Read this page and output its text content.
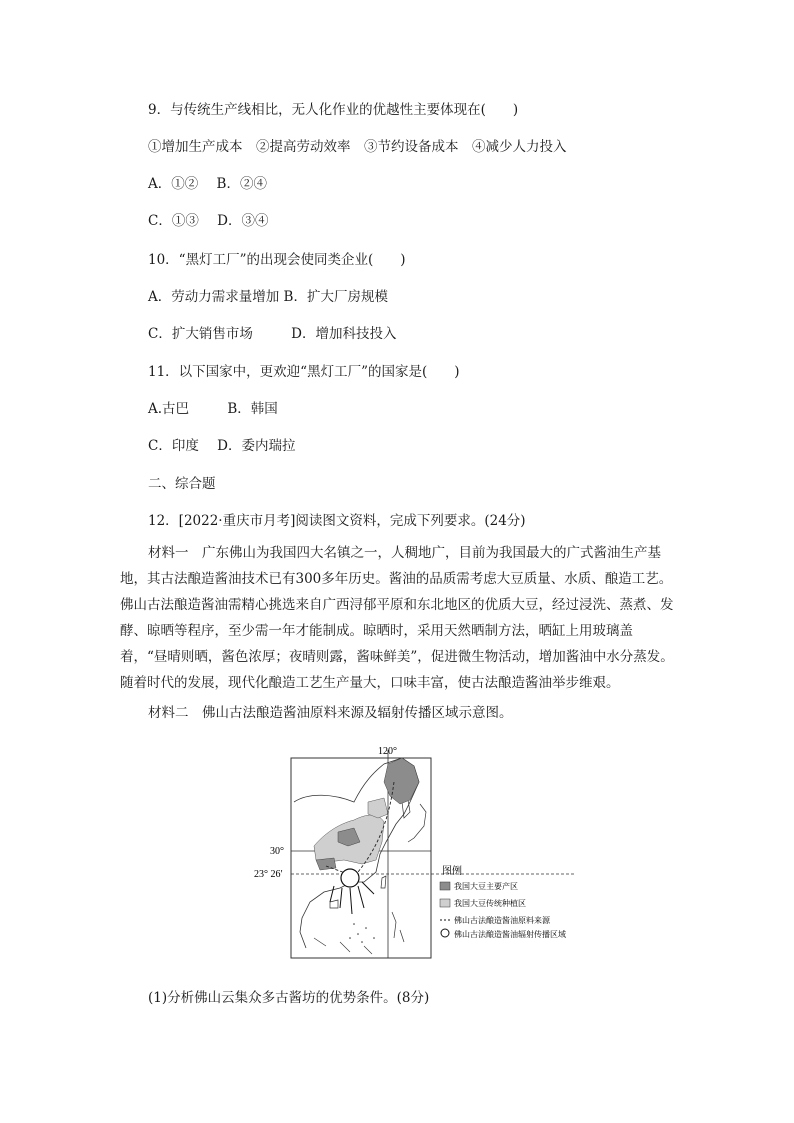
9．与传统生产线相比，无人化作业的优越性主要体现在(　　)
①增加生产成本　②提高劳动效率　③节约设备成本　④减少人力投入
A．①② B．②④
C．①③ D．③④
10．“黑灯工厂”的出现会使同类企业(　　)
A．劳动力需求量增加 B．扩大厂房规模
C．扩大销售市场	D．增加科技投入
11．以下国家中，更欢迎“黑灯工厂”的国家是(　　)
A.古巴	B．韩国
C．印度 D．委内瑞拉
二、综合题
12．[2022·重庆市月考]阅读图文资料，完成下列要求。(24分)

材料一　广东佛山为我国四大名镇之一，人稠地广，目前为我国最大的广式酱油生产基地，其古法酿造酱油技术已有300多年历史。酱油的品质需考虑大豆质量、水质、酿造工艺。佛山古法酿造酱油需精心挑选来自广西浔郁平原和东北地区的优质大豆，经过浸洗、蒸煮、发酵、晾晒等程序，至少需一年才能制成。晾晒时，采用天然晒制方法，晒缸上用玻璃盖着，“昼晴则晒，酱色浓厚；夜晴则露，酱味鲜美”，促进微生物活动，增加酱油中水分蒸发。随着时代的发展，现代化酿造工艺生产量大，口味丰富，使古法酿造酱油举步维艰。

材料二　佛山古法酿造酱油原料来源及辐射传播区域示意图。

120°
30°
23° 26′	图例
我国大豆主要产区
我国大豆传统种植区
佛山古法酿造酱油原料来源
佛山古法酿造酱油辐射传播区域
(1)分析佛山云集众多古酱坊的优势条件。(8分)
